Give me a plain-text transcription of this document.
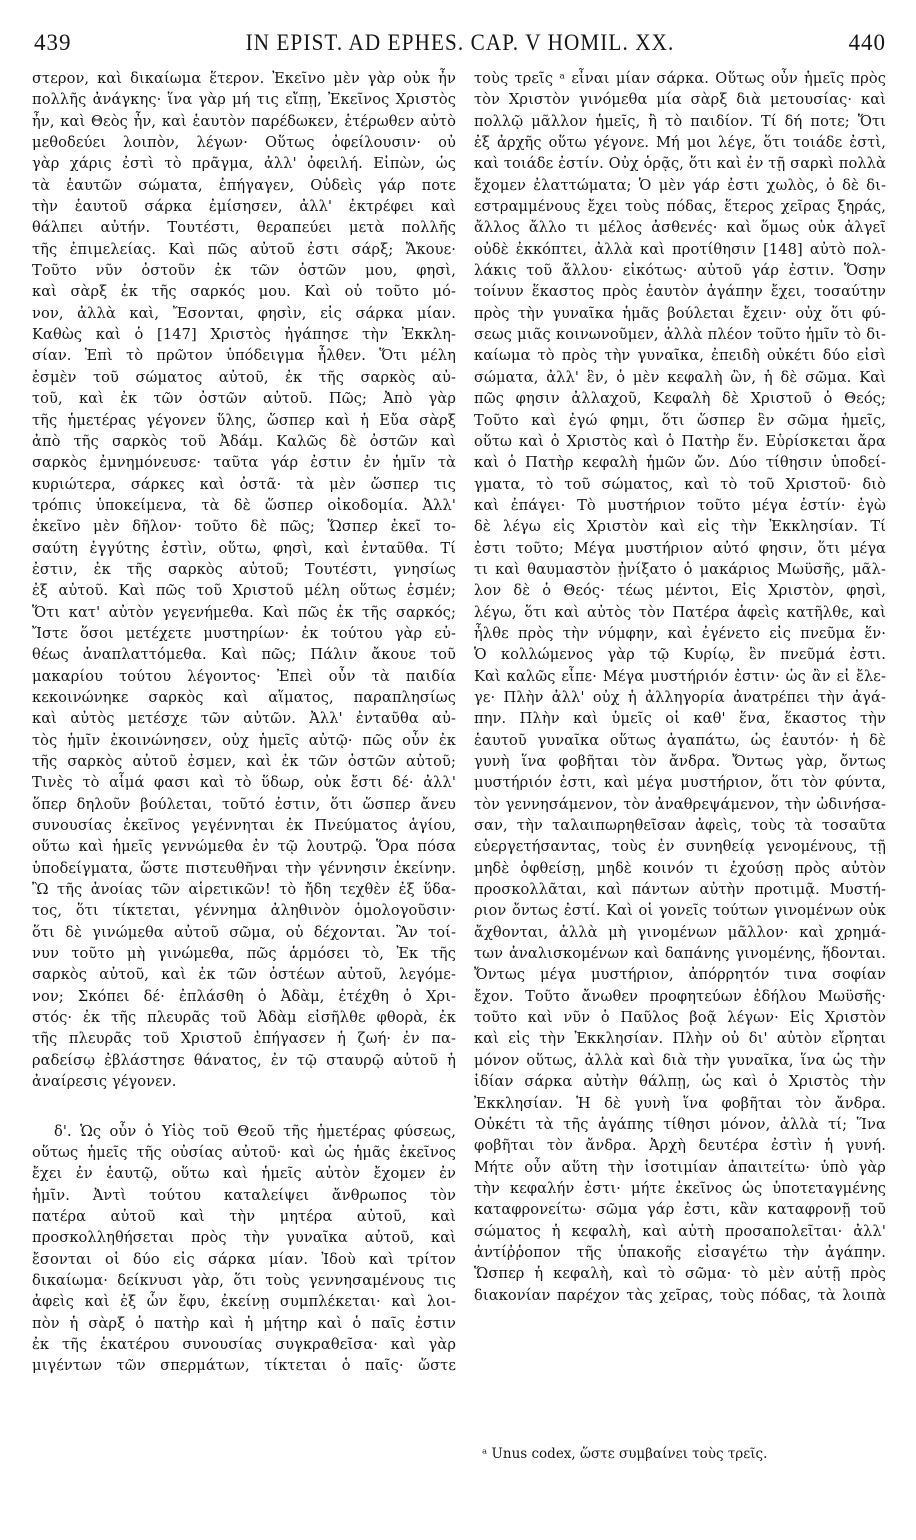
439	IN EPIST. AD EPHES. CAP. V HOMIL. XX.	440
στερον, καὶ δικαίωμα ἕτερον. Ἐκεῖνο μὲν γὰρ οὐκ ἦν
πολλῆς ἀνάγκης· ἵνα γὰρ μή τις εἴπῃ, Ἐκεῖνος Χριστὸς
ἦν, καὶ Θεὸς ἦν, καὶ ἑαυτὸν παρέδωκεν, ἑτέρωθεν αὐτὸ
μεθοδεύει λοιπὸν, λέγων· Οὕτως ὀφείλουσιν· οὐ
γὰρ χάρις ἐστὶ τὸ πρᾶγμα, ἀλλ' ὀφειλή. Εἰπὼν, ὡς
τὰ ἑαυτῶν σώματα, ἐπήγαγεν, Οὐδεὶς γάρ ποτε
τὴν ἑαυτοῦ σάρκα ἐμίσησεν, ἀλλ' ἐκτρέφει καὶ
θάλπει αὐτήν. Τουτέστι, θεραπεύει μετὰ πολλῆς
τῆς ἐπιμελείας. Καὶ πῶς αὐτοῦ ἐστι σάρξ; Ἄκουε·
Τοῦτο νῦν ὀστοῦν ἐκ τῶν ὀστῶν μου, φησὶ,
καὶ σὰρξ ἐκ τῆς σαρκός μου. Καὶ οὐ τοῦτο μό-
νον, ἀλλὰ καὶ, Ἔσονται, φησὶν, εἰς σάρκα μίαν.
Καθὼς καὶ ὁ [147] Χριστὸς ἠγάπησε τὴν Ἐκκλη-
σίαν. Ἐπὶ τὸ πρῶτον ὑπόδειγμα ἦλθεν. Ὅτι μέλη
ἐσμὲν τοῦ σώματος αὐτοῦ, ἐκ τῆς σαρκὸς αὐ-
τοῦ, καὶ ἐκ τῶν ὀστῶν αὐτοῦ. Πῶς; Ἀπὸ γὰρ
τῆς ἡμετέρας γέγονεν ὕλης, ὥσπερ καὶ ἡ Εὔα σὰρξ
ἀπὸ τῆς σαρκὸς τοῦ Ἀδάμ. Καλῶς δὲ ὀστῶν καὶ
σαρκὸς ἐμνημόνευσε· ταῦτα γάρ ἐστιν ἐν ἡμῖν τὰ
κυριώτερα, σάρκες καὶ ὀστᾶ· τὰ μὲν ὥσπερ τις
τρόπις ὑποκείμενα, τὰ δὲ ὥσπερ οἰκοδομία. Ἀλλ'
ἐκεῖνο μὲν δῆλον· τοῦτο δὲ πῶς; Ὥσπερ ἐκεῖ το-
σαύτη ἐγγύτης ἐστὶν, οὕτω, φησὶ, καὶ ἐνταῦθα. Τί
ἐστιν, ἐκ τῆς σαρκὸς αὐτοῦ; Τουτέστι, γνησίως
ἐξ αὐτοῦ. Καὶ πῶς τοῦ Χριστοῦ μέλη οὕτως ἐσμέν;
Ὅτι κατ' αὐτὸν γεγενήμεθα. Καὶ πῶς ἐκ τῆς σαρκός;
Ἴστε ὅσοι μετέχετε μυστηρίων· ἐκ τούτου γὰρ εὐ-
θέως ἀναπλαττόμεθα. Καὶ πῶς; Πάλιν ἄκουε τοῦ
μακαρίου τούτου λέγοντος· Ἐπεὶ οὖν τὰ παιδία
κεκοινώνηκε σαρκὸς καὶ αἵματος, παραπλησίως
καὶ αὐτὸς μετέσχε τῶν αὐτῶν. Ἀλλ' ἐνταῦθα αὐ-
τὸς ἡμῖν ἐκοινώνησεν, οὐχ ἡμεῖς αὐτῷ· πῶς οὖν ἐκ
τῆς σαρκὸς αὐτοῦ ἐσμεν, καὶ ἐκ τῶν ὀστῶν αὐτοῦ;
Τινὲς τὸ αἷμά φασι καὶ τὸ ὕδωρ, οὐκ ἔστι δέ· ἀλλ'
ὅπερ δηλοῦν βούλεται, τοῦτό ἐστιν, ὅτι ὥσπερ ἄνευ
συνουσίας ἐκεῖνος γεγέννηται ἐκ Πνεύματος ἁγίου,
οὕτω καὶ ἡμεῖς γεννώμεθα ἐν τῷ λουτρῷ. Ὅρα πόσα
ὑποδείγματα, ὥστε πιστευθῆναι τὴν γέννησιν ἐκείνην.
Ὢ τῆς ἀνοίας τῶν αἱρετικῶν! τὸ ἤδη τεχθὲν ἐξ ὕδα-
τος, ὅτι τίκτεται, γέννημα ἀληθινὸν ὁμολογοῦσιν·
ὅτι δὲ γινώμεθα αὐτοῦ σῶμα, οὐ δέχονται. Ἂν τοί-
νυν τοῦτο μὴ γινώμεθα, πῶς ἁρμόσει τὸ, Ἐκ τῆς
σαρκὸς αὐτοῦ, καὶ ἐκ τῶν ὀστέων αὐτοῦ, λεγόμε-
νον; Σκόπει δέ· ἐπλάσθη ὁ Ἀδὰμ, ἐτέχθη ὁ Χρι-
στός· ἐκ τῆς πλευρᾶς τοῦ Ἀδὰμ εἰσῆλθε φθορὰ, ἐκ
τῆς πλευρᾶς τοῦ Χριστοῦ ἐπήγασεν ἡ ζωή· ἐν πα-
ραδείσῳ ἐβλάστησε θάνατος, ἐν τῷ σταυρῷ αὐτοῦ ἡ
ἀναίρεσις γέγονεν.
δ'. Ὡς οὖν ὁ Υἱὸς τοῦ Θεοῦ τῆς ἡμετέρας φύσεως,
οὕτως ἡμεῖς τῆς οὐσίας αὐτοῦ· καὶ ὡς ἡμᾶς ἐκεῖνος
ἔχει ἐν ἑαυτῷ, οὕτω καὶ ἡμεῖς αὐτὸν ἔχομεν ἐν
ἡμῖν. Ἀντὶ τούτου καταλείψει ἄνθρωπος τὸν
πατέρα αὐτοῦ καὶ τὴν μητέρα αὐτοῦ, καὶ
προσκολληθήσεται πρὸς τὴν γυναῖκα αὐτοῦ, καὶ
ἔσονται οἱ δύο εἰς σάρκα μίαν. Ἰδοὺ καὶ τρίτον
δικαίωμα· δείκνυσι γὰρ, ὅτι τοὺς γεννησαμένους τις
ἀφεὶς καὶ ἐξ ὧν ἔφυ, ἐκείνῃ συμπλέκεται· καὶ λοι-
πὸν ἡ σὰρξ ὁ πατὴρ καὶ ἡ μήτηρ καὶ ὁ παῖς ἐστιν
ἐκ τῆς ἑκατέρου συνουσίας συγκραθεῖσα· καὶ γὰρ
μιγέντων τῶν σπερμάτων, τίκτεται ὁ παῖς· ὥστε
τοὺς τρεῖς ᵃ εἶναι μίαν σάρκα. Οὕτως οὖν ἡμεῖς πρὸς
τὸν Χριστὸν γινόμεθα μία σὰρξ διὰ μετουσίας· καὶ
πολλῷ μᾶλλον ἡμεῖς, ἢ τὸ παιδίον. Τί δή ποτε; Ὅτι
ἐξ ἀρχῆς οὕτω γέγονε. Μή μοι λέγε, ὅτι τοιάδε ἐστὶ,
καὶ τοιάδε ἐστίν. Οὐχ ὁρᾷς, ὅτι καὶ ἐν τῇ σαρκὶ πολλὰ
ἔχομεν ἐλαττώματα; Ὁ μὲν γάρ ἐστι χωλὸς, ὁ δὲ δι-
εστραμμένους ἔχει τοὺς πόδας, ἕτερος χεῖρας ξηράς,
ἄλλος ἄλλο τι μέλος ἀσθενές· καὶ ὅμως οὐκ ἀλγεῖ
οὐδὲ ἐκκόπτει, ἀλλὰ καὶ προτίθησιν [148] αὐτὸ πολ-
λάκις τοῦ ἄλλου· εἰκότως· αὐτοῦ γάρ ἐστιν. Ὅσην
τοίνυν ἕκαστος πρὸς ἑαυτὸν ἀγάπην ἔχει, τοσαύτην
πρὸς τὴν γυναῖκα ἡμᾶς βούλεται ἔχειν· οὐχ ὅτι φύ-
σεως μιᾶς κοινωνοῦμεν, ἀλλὰ πλέον τοῦτο ἡμῖν τὸ δι-
καίωμα τὸ πρὸς τὴν γυναῖκα, ἐπειδὴ οὐκέτι δύο εἰσὶ
σώματα, ἀλλ' ἓν, ὁ μὲν κεφαλὴ ὢν, ἡ δὲ σῶμα. Καὶ
πῶς φησιν ἀλλαχοῦ, Κεφαλὴ δὲ Χριστοῦ ὁ Θεός;
Τοῦτο καὶ ἐγώ φημι, ὅτι ὥσπερ ἓν σῶμα ἡμεῖς,
οὕτω καὶ ὁ Χριστὸς καὶ ὁ Πατὴρ ἕν. Εὑρίσκεται ἄρα
καὶ ὁ Πατὴρ κεφαλὴ ἡμῶν ὤν. Δύο τίθησιν ὑποδεί-
γματα, τὸ τοῦ σώματος, καὶ τὸ τοῦ Χριστοῦ· διὸ
καὶ ἐπάγει· Τὸ μυστήριον τοῦτο μέγα ἐστίν· ἐγὼ
δὲ λέγω εἰς Χριστὸν καὶ εἰς τὴν Ἐκκλησίαν. Τί
ἐστι τοῦτο; Μέγα μυστήριον αὐτό φησιν, ὅτι μέγα
τι καὶ θαυμαστὸν ᾐνίξατο ὁ μακάριος Μωϋσῆς, μᾶλ-
λον δὲ ὁ Θεός· τέως μέντοι, Εἰς Χριστὸν, φησὶ,
λέγω, ὅτι καὶ αὐτὸς τὸν Πατέρα ἀφεὶς κατῆλθε, καὶ
ἦλθε πρὸς τὴν νύμφην, καὶ ἐγένετο εἰς πνεῦμα ἕν·
Ὁ κολλώμενος γὰρ τῷ Κυρίῳ, ἓν πνεῦμά ἐστι.
Καὶ καλῶς εἶπε· Μέγα μυστήριόν ἐστιν· ὡς ἂν εἰ ἔλε-
γε· Πλὴν ἀλλ' οὐχ ἡ ἀλληγορία ἀνατρέπει τὴν ἀγά-
πην. Πλὴν καὶ ὑμεῖς οἱ καθ' ἕνα, ἕκαστος τὴν
ἑαυτοῦ γυναῖκα οὕτως ἀγαπάτω, ὡς ἑαυτόν· ἡ δὲ
γυνὴ ἵνα φοβῆται τὸν ἄνδρα. Ὄντως γὰρ, ὄντως
μυστήριόν ἐστι, καὶ μέγα μυστήριον, ὅτι τὸν φύντα,
τὸν γεννησάμενον, τὸν ἀναθρεψάμενον, τὴν ὠδινήσα-
σαν, τὴν ταλαιπωρηθεῖσαν ἀφεὶς, τοὺς τὰ τοσαῦτα
εὐεργετήσαντας, τοὺς ἐν συνηθείᾳ γενομένους, τῇ
μηδὲ ὀφθείσῃ, μηδὲ κοινόν τι ἐχούσῃ πρὸς αὐτὸν
προσκολλᾶται, καὶ πάντων αὐτὴν προτιμᾷ. Μυστή-
ριον ὄντως ἐστί. Καὶ οἱ γονεῖς τούτων γινομένων οὐκ
ἄχθονται, ἀλλὰ μὴ γινομένων μᾶλλον· καὶ χρημά-
των ἀναλισκομένων καὶ δαπάνης γινομένης, ἥδονται.
Ὄντως μέγα μυστήριον, ἀπόρρητόν τινα σοφίαν
ἔχον. Τοῦτο ἄνωθεν προφητεύων ἐδήλου Μωϋσῆς·
τοῦτο καὶ νῦν ὁ Παῦλος βοᾷ λέγων· Εἰς Χριστὸν
καὶ εἰς τὴν Ἐκκλησίαν. Πλὴν οὐ δι' αὐτὸν εἴρηται
μόνον οὕτως, ἀλλὰ καὶ διὰ τὴν γυναῖκα, ἵνα ὡς τὴν
ἰδίαν σάρκα αὐτὴν θάλπῃ, ὡς καὶ ὁ Χριστὸς τὴν
Ἐκκλησίαν. Ἡ δὲ γυνὴ ἵνα φοβῆται τὸν ἄνδρα.
Οὐκέτι τὰ τῆς ἀγάπης τίθησι μόνον, ἀλλὰ τί; Ἵνα
φοβῆται τὸν ἄνδρα. Ἀρχὴ δευτέρα ἐστὶν ἡ γυνή.
Μήτε οὖν αὕτη τὴν ἰσοτιμίαν ἀπαιτείτω· ὑπὸ γὰρ
τὴν κεφαλήν ἐστι· μήτε ἐκεῖνος ὡς ὑποτεταγμένης
καταφρονείτω· σῶμα γάρ ἐστι, κἂν καταφρονῇ τοῦ
σώματος ἡ κεφαλὴ, καὶ αὐτὴ προσαπολεῖται· ἀλλ'
ἀντίῤῥοπον τῆς ὑπακοῆς εἰσαγέτω τὴν ἀγάπην.
Ὥσπερ ἡ κεφαλὴ, καὶ τὸ σῶμα· τὸ μὲν αὐτῇ πρὸς
διακονίαν παρέχον τὰς χεῖρας, τοὺς πόδας, τὰ λοιπὰ
ᵃ Unus codex, ὥστε συμβαίνει τοὺς τρεῖς.
